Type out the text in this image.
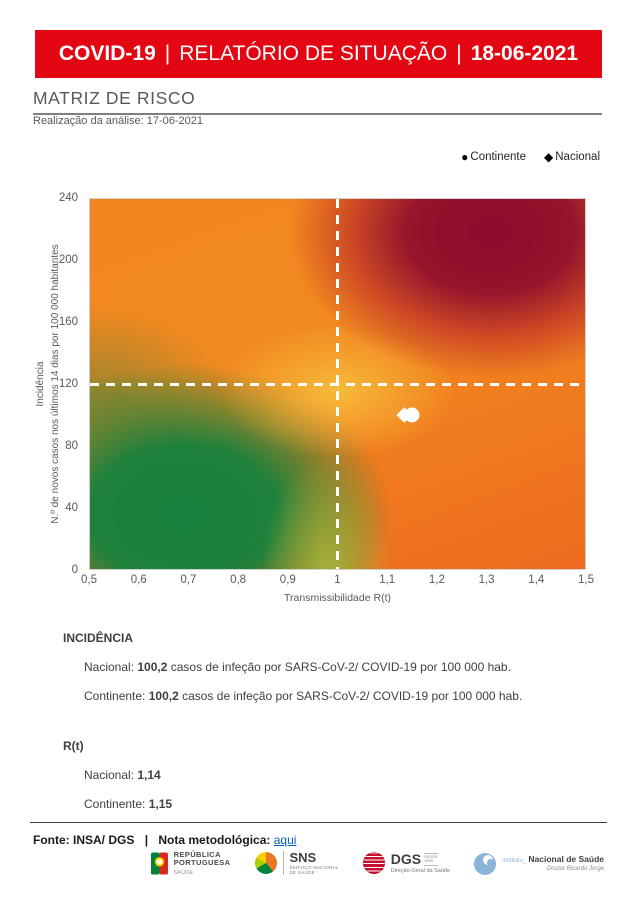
COVID-19 | RELATÓRIO DE SITUAÇÃO | 18-06-2021
MATRIZ DE RISCO
Realização da análise: 17-06-2021
● Continente ◆ Nacional
Incidência N.º de novos casos nos últimos 14 dias por 100 000 habitantes
240
200
160
120
80
40
0
0,5	0,6	0,7	0,8	0,9	1	1,1	1,2	1,3	1,4	1,5
Transmissibilidade R(t)
INCIDÊNCIA
Nacional: 100,2 casos de infeção por SARS-CoV-2/ COVID-19 por 100 000 hab.
Continente: 100,2 casos de infeção por SARS-CoV-2/ COVID-19 por 100 000 hab.
R(t)
Nacional: 1,14
Continente: 1,15
Fonte: INSA/ DGS | Nota metodológica: aqui
REPÚBLICA
PORTUGUESA
SAÚDE
SNS
SERVIÇO NACIONAL
DE SAÚDE
DGS DESDE
1899
Direção-Geral da Saúde
Instituto_ Nacional de Saúde
Doutor Ricardo Jorge
